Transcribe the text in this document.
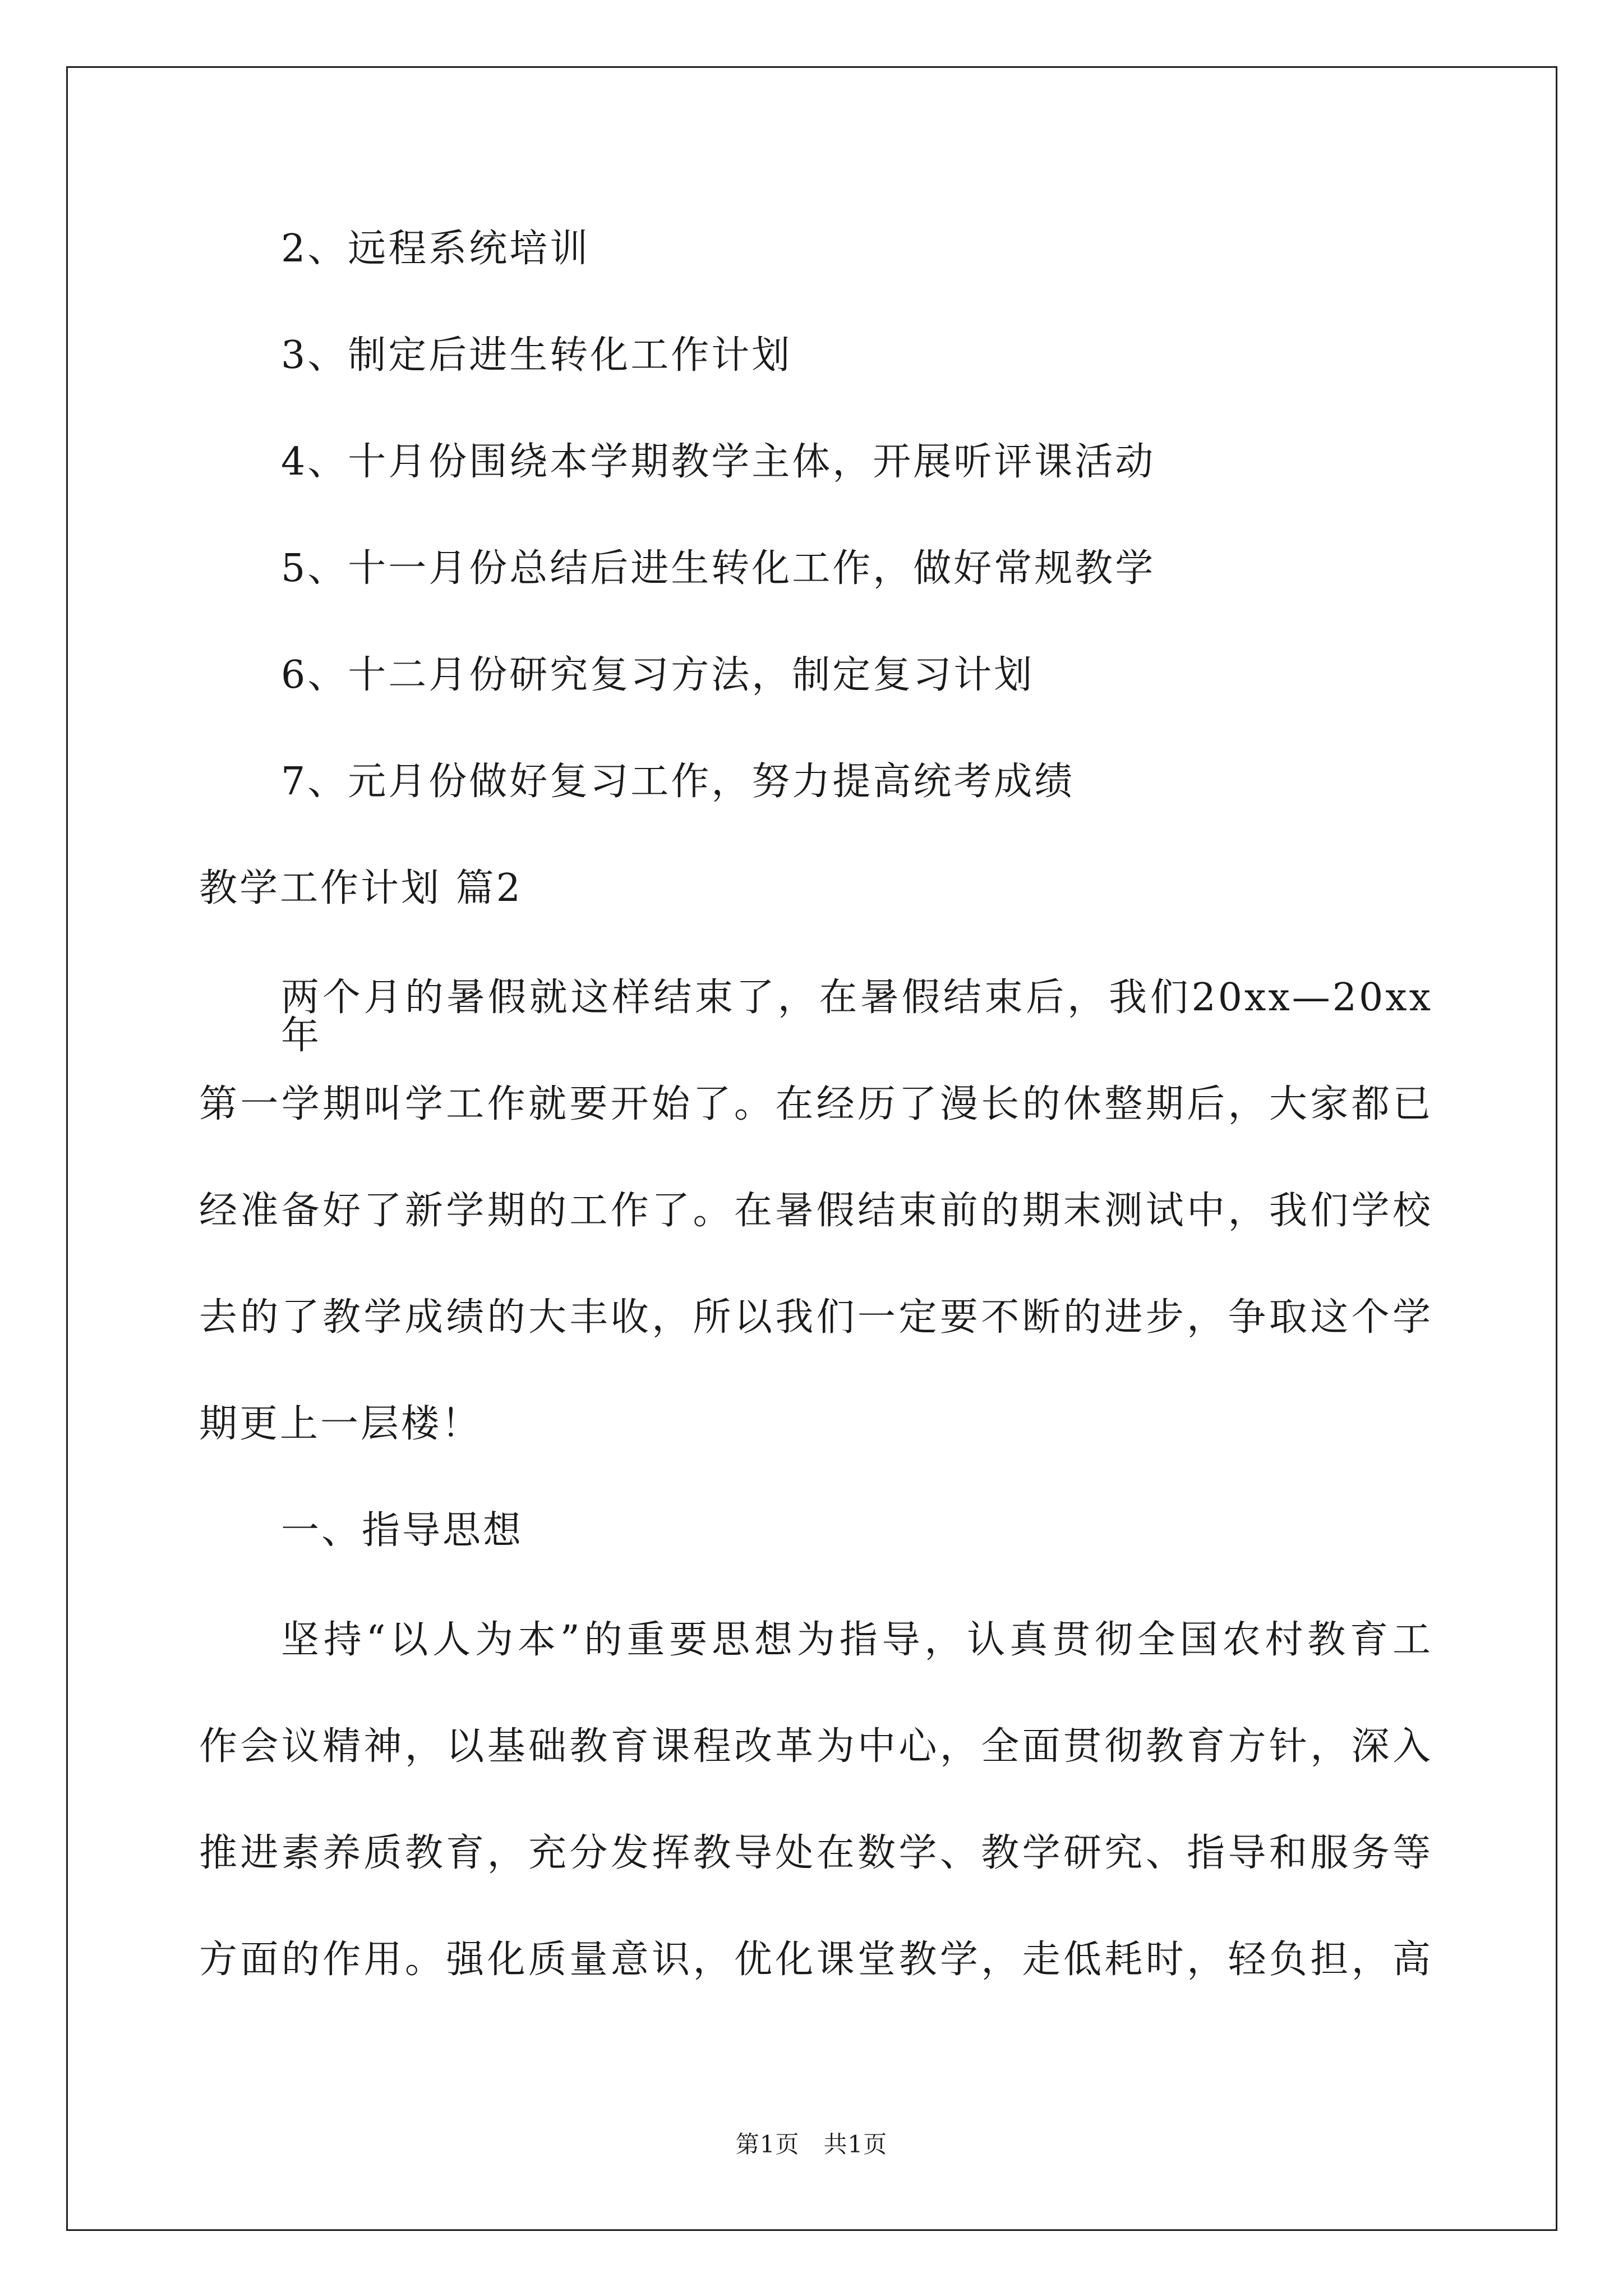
2、远程系统培训
3、制定后进生转化工作计划
4、十月份围绕本学期教学主体，开展听评课活动
5、十一月份总结后进生转化工作，做好常规教学
6、十二月份研究复习方法，制定复习计划
7、元月份做好复习工作，努力提高统考成绩
教学工作计划 篇2
两个月的暑假就这样结束了，在暑假结束后，我们20xx—20xx年
第一学期叫学工作就要开始了。在经历了漫长的休整期后，大家都已
经准备好了新学期的工作了。在暑假结束前的期末测试中，我们学校
去的了教学成绩的大丰收，所以我们一定要不断的进步，争取这个学
期更上一层楼！
一、指导思想
坚持“以人为本”的重要思想为指导，认真贯彻全国农村教育工
作会议精神，以基础教育课程改革为中心，全面贯彻教育方针，深入
推进素养质教育，充分发挥教导处在数学、教学研究、指导和服务等
方面的作用。强化质量意识，优化课堂教学，走低耗时，轻负担，高
第1页　共1页
